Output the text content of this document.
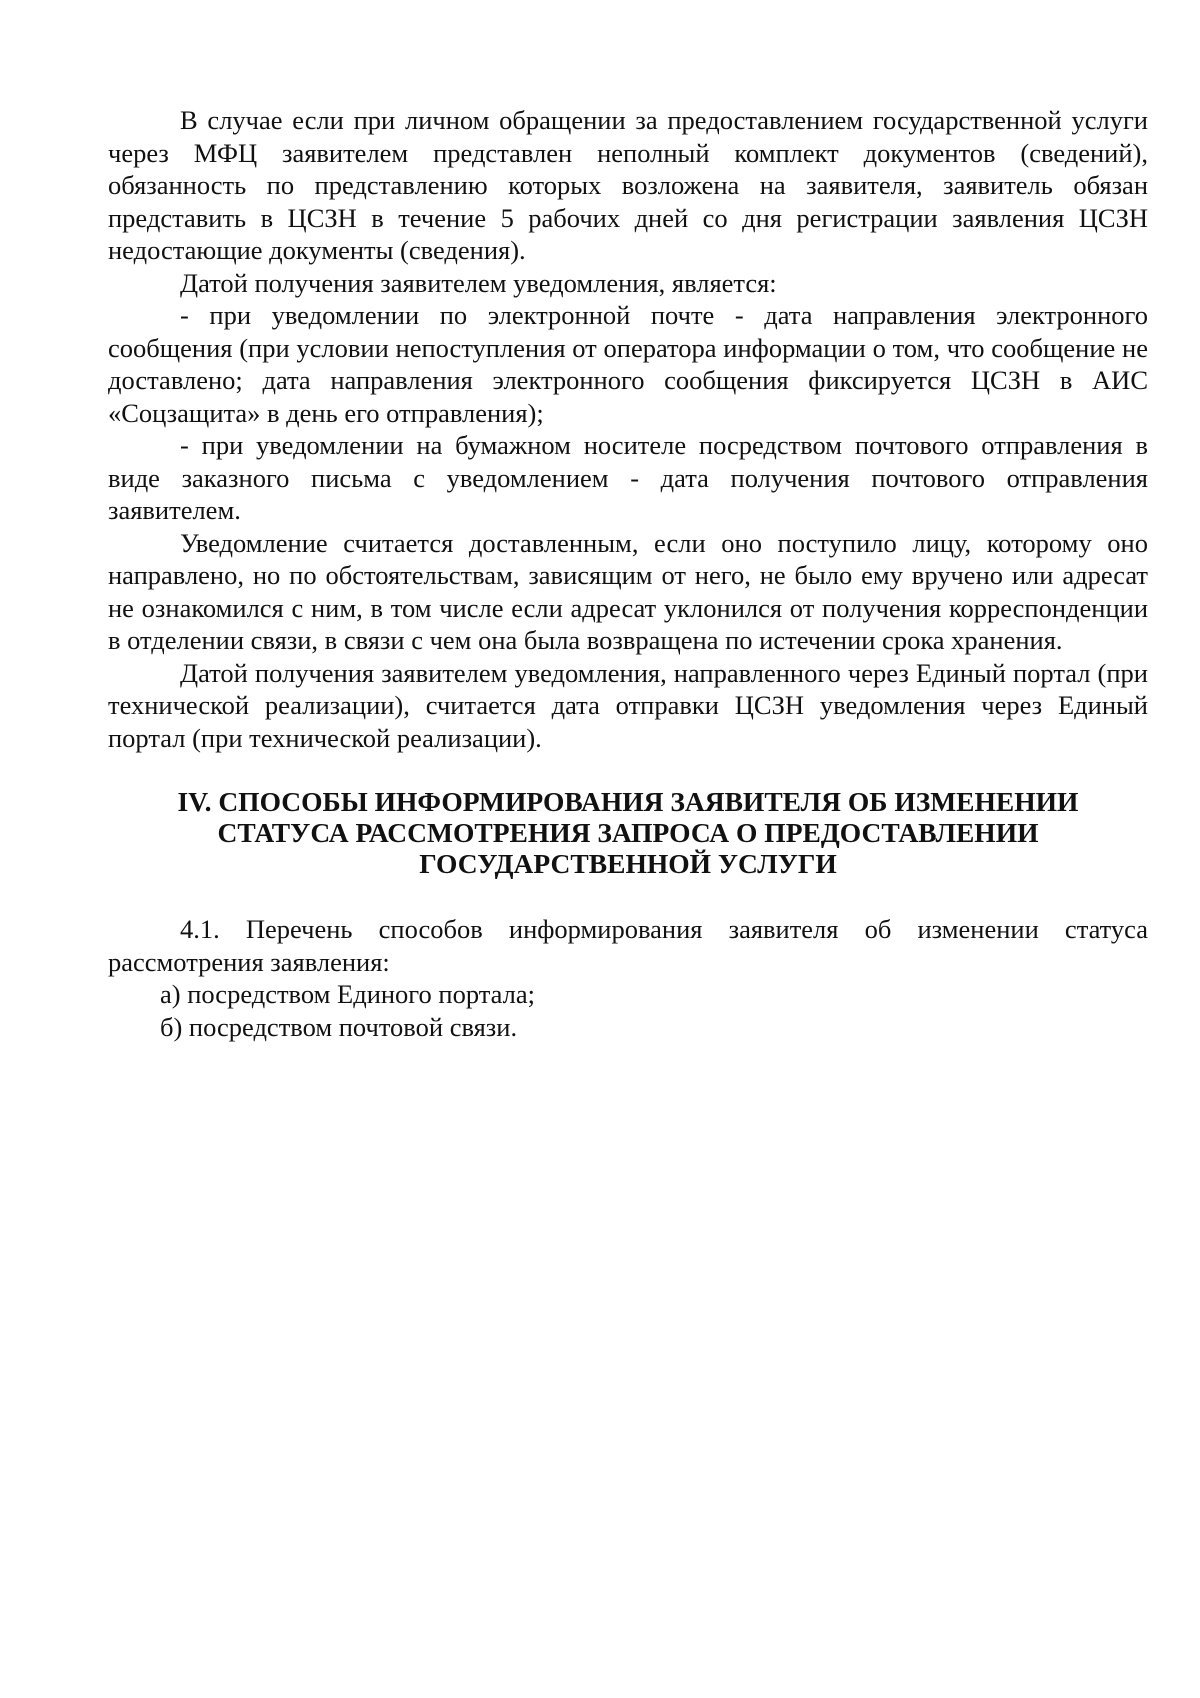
В случае если при личном обращении за предоставлением государственной услуги через МФЦ заявителем представлен неполный комплект документов (сведений), обязанность по представлению которых возложена на заявителя, заявитель обязан представить в ЦСЗН в течение 5 рабочих дней со дня регистрации заявления ЦСЗН недостающие документы (сведения).

Датой получения заявителем уведомления, является:

- при уведомлении по электронной почте - дата направления электронного сообщения (при условии непоступления от оператора информации о том, что сообщение не доставлено; дата направления электронного сообщения фиксируется ЦСЗН в АИС «Соцзащита» в день его отправления);

- при уведомлении на бумажном носителе посредством почтового отправления в виде заказного письма с уведомлением - дата получения почтового отправления заявителем.

Уведомление считается доставленным, если оно поступило лицу, которому оно направлено, но по обстоятельствам, зависящим от него, не было ему вручено или адресат не ознакомился с ним, в том числе если адресат уклонился от получения корреспонденции в отделении связи, в связи с чем она была возвращена по истечении срока хранения.

Датой получения заявителем уведомления, направленного через Единый портал (при технической реализации), считается дата отправки ЦСЗН уведомления через Единый портал (при технической реализации).

IV. СПОСОБЫ ИНФОРМИРОВАНИЯ ЗАЯВИТЕЛЯ ОБ ИЗМЕНЕНИИ
СТАТУСА РАССМОТРЕНИЯ ЗАПРОСА О ПРЕДОСТАВЛЕНИИ
ГОСУДАРСТВЕННОЙ УСЛУГИ

4.1. Перечень способов информирования заявителя об изменении статуса рассмотрения заявления:

а) посредством Единого портала;

б) посредством почтовой связи.
